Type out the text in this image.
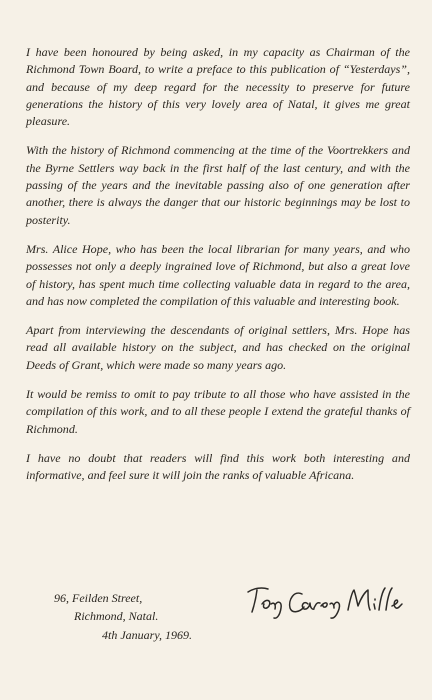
I have been honoured by being asked, in my capacity as Chairman of the Richmond Town Board, to write a preface to this publication of “Yesterdays”, and because of my deep regard for the necessity to preserve for future generations the history of this very lovely area of Natal, it gives me great pleasure.

With the history of Richmond commencing at the time of the Voortrekkers and the Byrne Settlers way back in the first half of the last century, and with the passing of the years and the inevitable passing also of one generation after another, there is always the danger that our historic beginnings may be lost to posterity.

Mrs. Alice Hope, who has been the local librarian for many years, and who possesses not only a deeply ingrained love of Richmond, but also a great love of history, has spent much time collecting valuable data in regard to the area, and has now completed the compilation of this valuable and interesting book.

Apart from interviewing the descendants of original settlers, Mrs. Hope has read all available history on the subject, and has checked on the original Deeds of Grant, which were made so many years ago.

It would be remiss to omit to pay tribute to all those who have assisted in the compilation of this work, and to all these people I extend the grateful thanks of Richmond.

I have no doubt that readers will find this work both interesting and informative, and feel sure it will join the ranks of valuable Africana.

96, Feilden Street,
Richmond, Natal.
4th January, 1969.
